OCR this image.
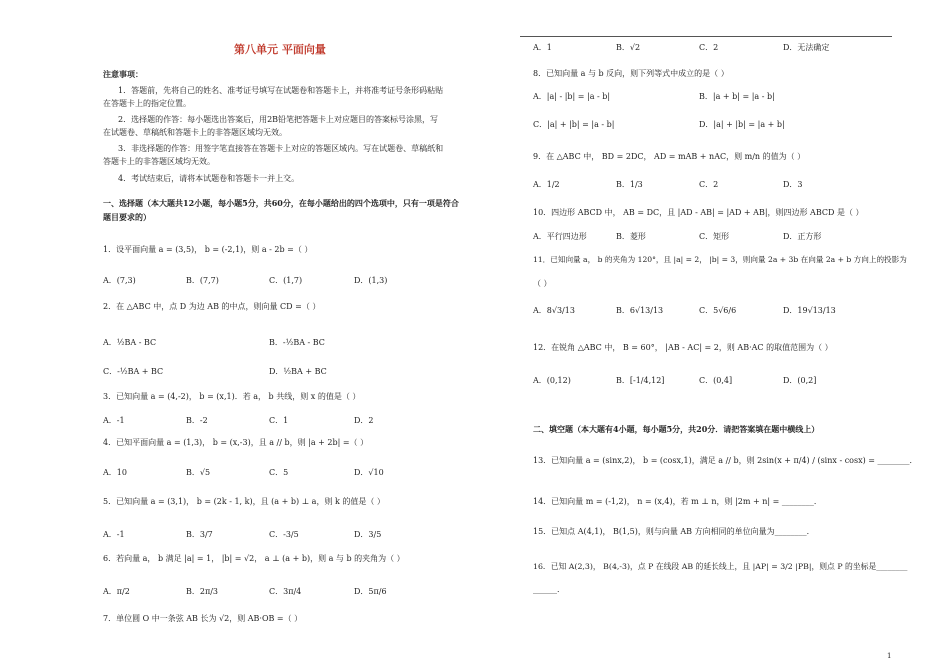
第八单元 平面向量
注意事项：
1．答题前，先将自己的姓名、准考证号填写在试题卷和答题卡上，并将准考证号条形码粘贴
在答题卡上的指定位置。
2．选择题的作答：每小题选出答案后，用2B铅笔把答题卡上对应题目的答案标号涂黑，写
在试题卷、草稿纸和答题卡上的非答题区域均无效。
3．非选择题的作答：用签字笔直接答在答题卡上对应的答题区域内。写在试题卷、草稿纸和
答题卡上的非答题区域均无效。
4．考试结束后，请将本试题卷和答题卡一并上交。
一、选择题（本大题共12小题，每小题5分，共60分，在每小题给出的四个选项中，只有一项是符合
题目要求的）
1．设平面向量 a = (3,5)， b = (-2,1)，则 a - 2b =（ ）
A．(7,3)	B．(7,7)	C．(1,7)	D．(1,3)
2．在 △ABC 中，点 D 为边 AB 的中点，则向量 CD =（ ）
A．½BA - BC	B．-½BA - BC
C．-½BA + BC	D．½BA + BC
3．已知向量 a = (4,-2)， b = (x,1)．若 a， b 共线，则 x 的值是（ ）
A．-1	B．-2	C．1	D．2
4．已知平面向量 a = (1,3)， b = (x,-3)，且 a // b，则 |a + 2b| =（ ）
A．10	B．√5	C．5	D．√10
5．已知向量 a = (3,1)， b = (2k - 1, k)，且 (a + b) ⊥ a，则 k 的值是（ ）
A．-1	B．3/7	C．-3/5	D．3/5
6．若向量 a， b 满足 |a| = 1， |b| = √2， a ⊥ (a + b)，则 a 与 b 的夹角为（ ）
A．π/2	B．2π/3	C．3π/4	D．5π/6
7．单位圆 O 中一条弦 AB 长为 √2，则 AB·OB =（ ）
A．1	B．√2	C．2	D．无法确定
8．已知向量 a 与 b 反向，则下列等式中成立的是（ ）
A．|a| - |b| = |a - b|	B．|a + b| = |a - b|
C．|a| + |b| = |a - b|	D．|a| + |b| = |a + b|
9．在 △ABC 中， BD = 2DC， AD = mAB + nAC，则 m/n 的值为（ ）
A．1/2	B．1/3	C．2	D．3
10．四边形 ABCD 中， AB = DC，且 |AD - AB| = |AD + AB|，则四边形 ABCD 是（ ）
A．平行四边形	B．菱形	C．矩形	D．正方形
11．已知向量 a， b 的夹角为 120°，且 |a| = 2， |b| = 3，则向量 2a + 3b 在向量 2a + b 方向上的投影为
（ ）
A．8√3/13	B．6√13/13	C．5√6/6	D．19√13/13
12．在锐角 △ABC 中， B = 60°， |AB - AC| = 2，则 AB·AC 的取值范围为（ ）
A．(0,12)	B．[-1/4,12]	C．(0,4]	D．(0,2]
二、填空题（本大题有4小题，每小题5分，共20分．请把答案填在题中横线上）
13．已知向量 a = (sinx,2)， b = (cosx,1)，满足 a // b，则 2sin(x + π/4) / (sinx - cosx) = ________．
14．已知向量 m = (-1,2)， n = (x,4)，若 m ⊥ n，则 |2m + n| = ________．
15．已知点 A(4,1)， B(1,5)，则与向量 AB 方向相同的单位向量为________．
16．已知 A(2,3)， B(4,-3)，点 P 在线段 AB 的延长线上，且 |AP| = 3/2 |PB|，则点 P 的坐标是________
______．
1
